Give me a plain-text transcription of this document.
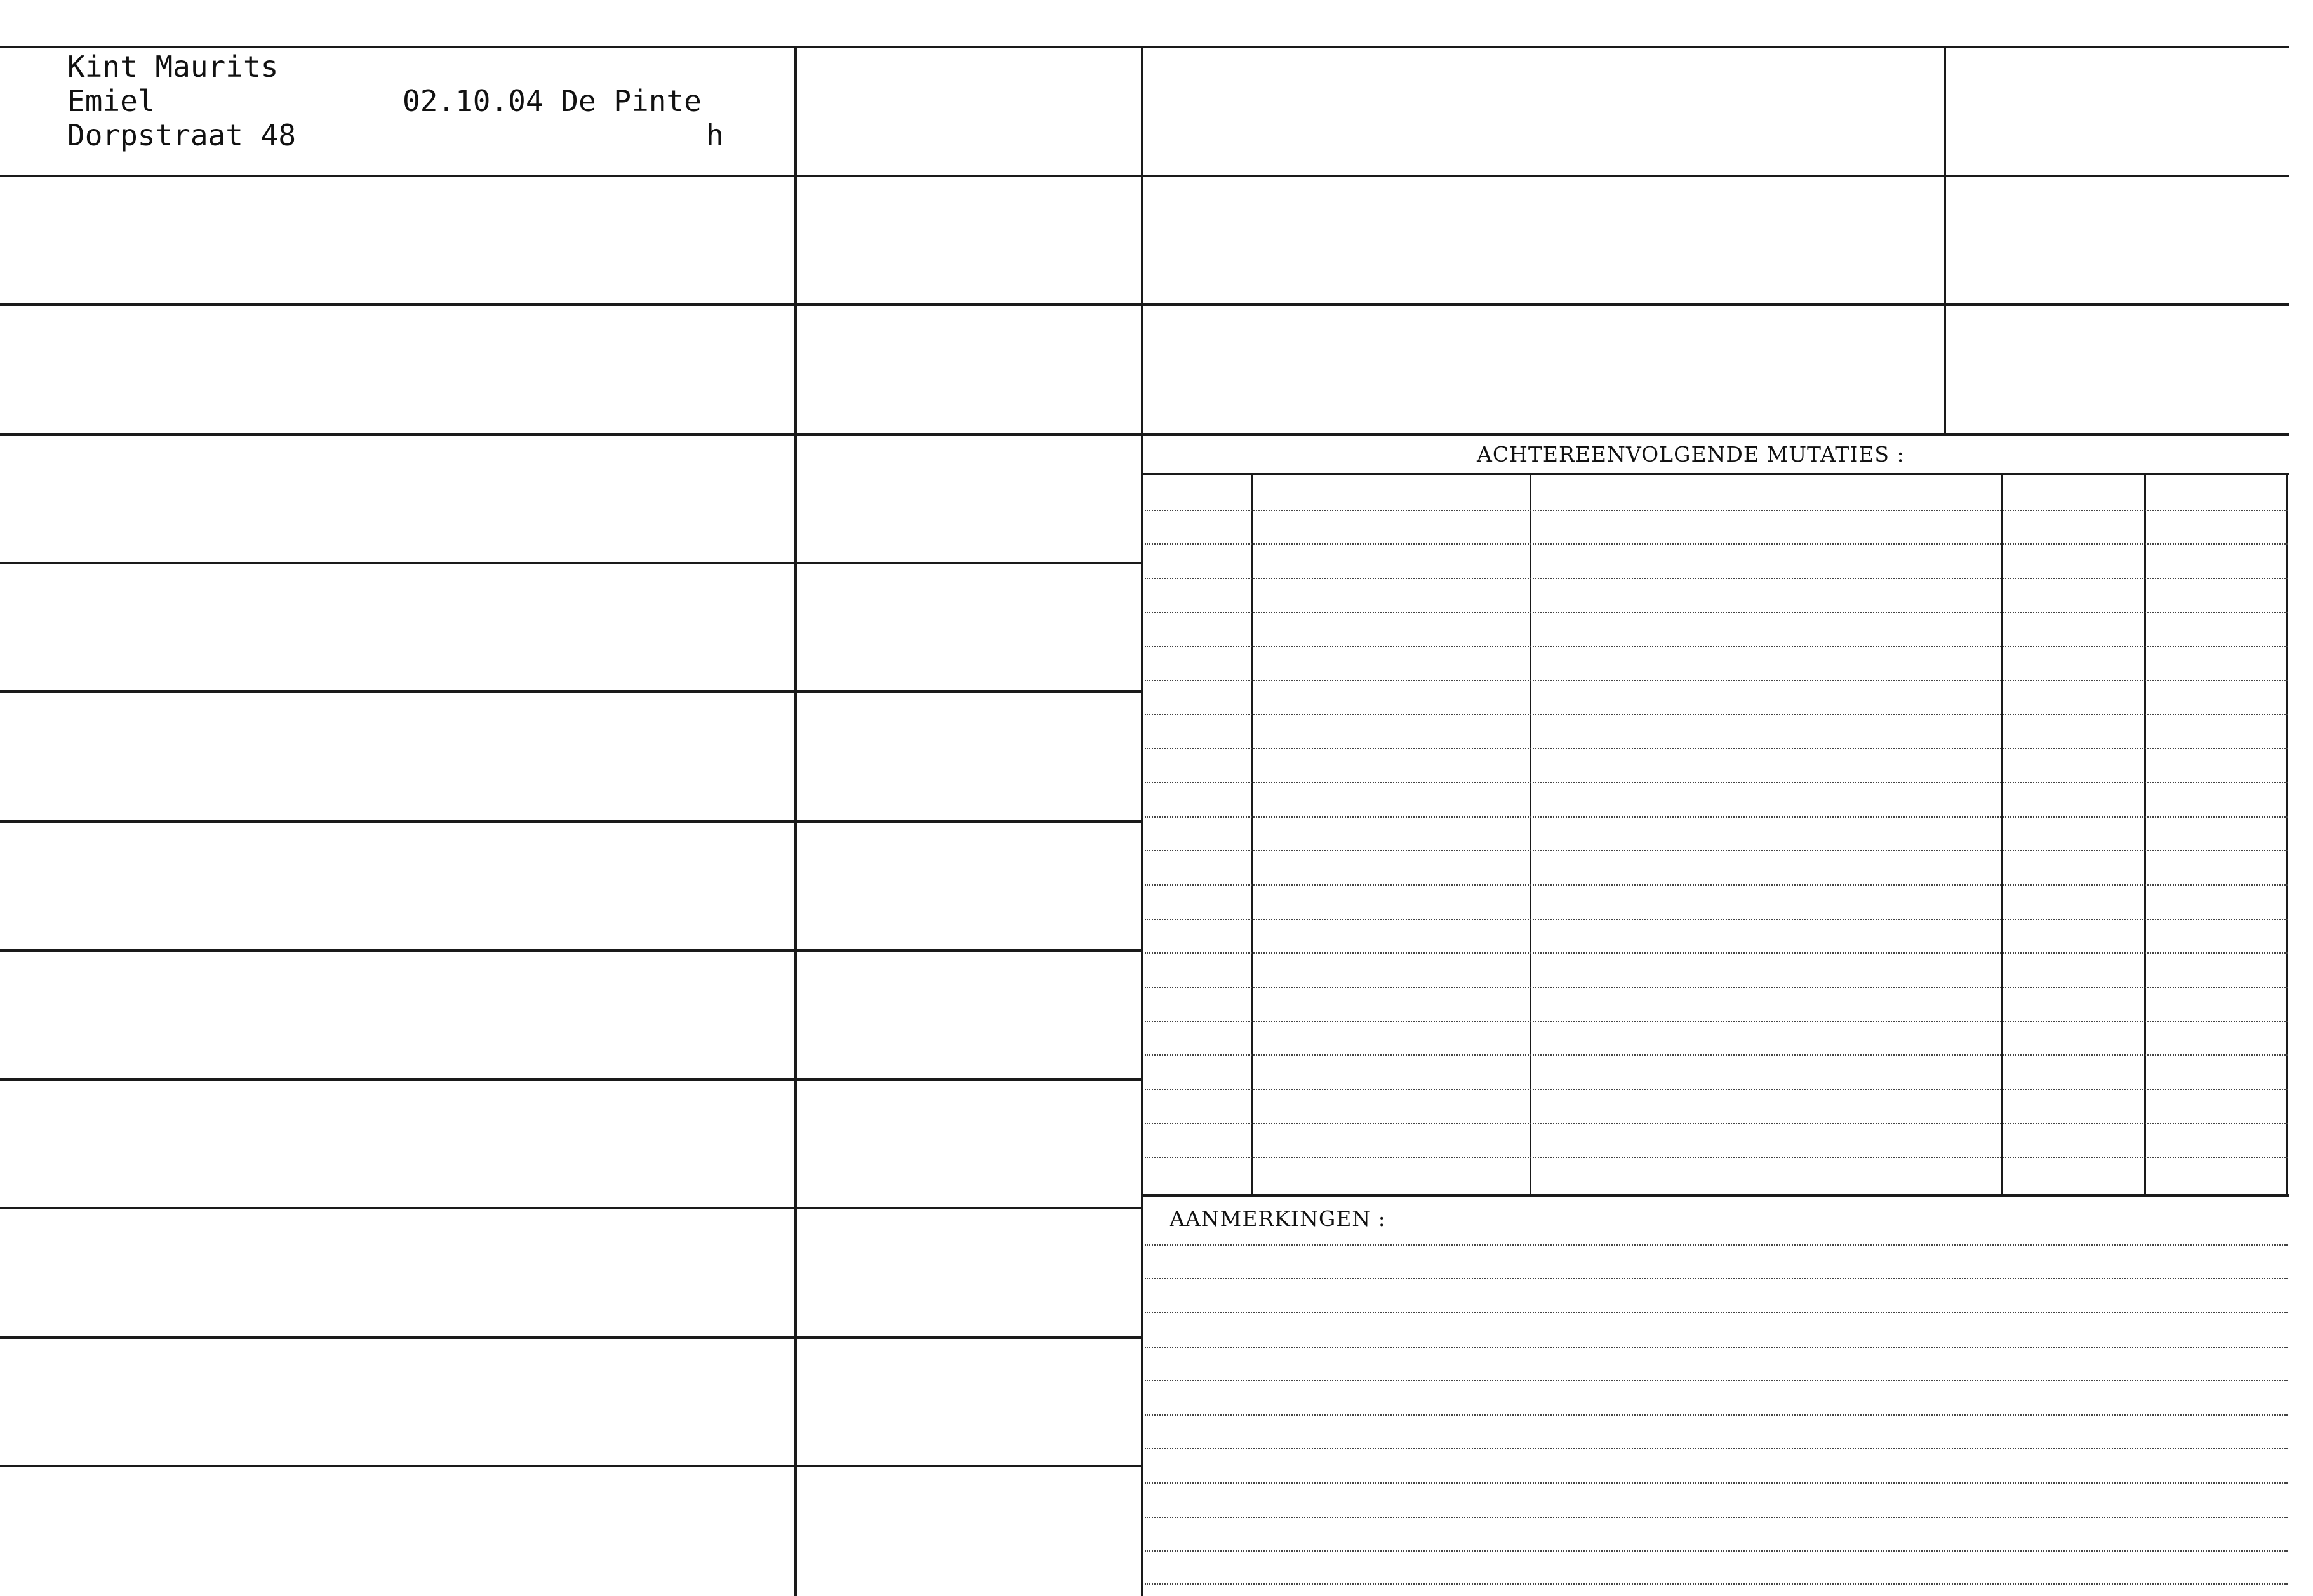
Kint Maurits
Emiel
Dorpstraat 48
02.10.04 De Pinte
h
ACHTEREENVOLGENDE MUTATIES :
AANMERKINGEN :
